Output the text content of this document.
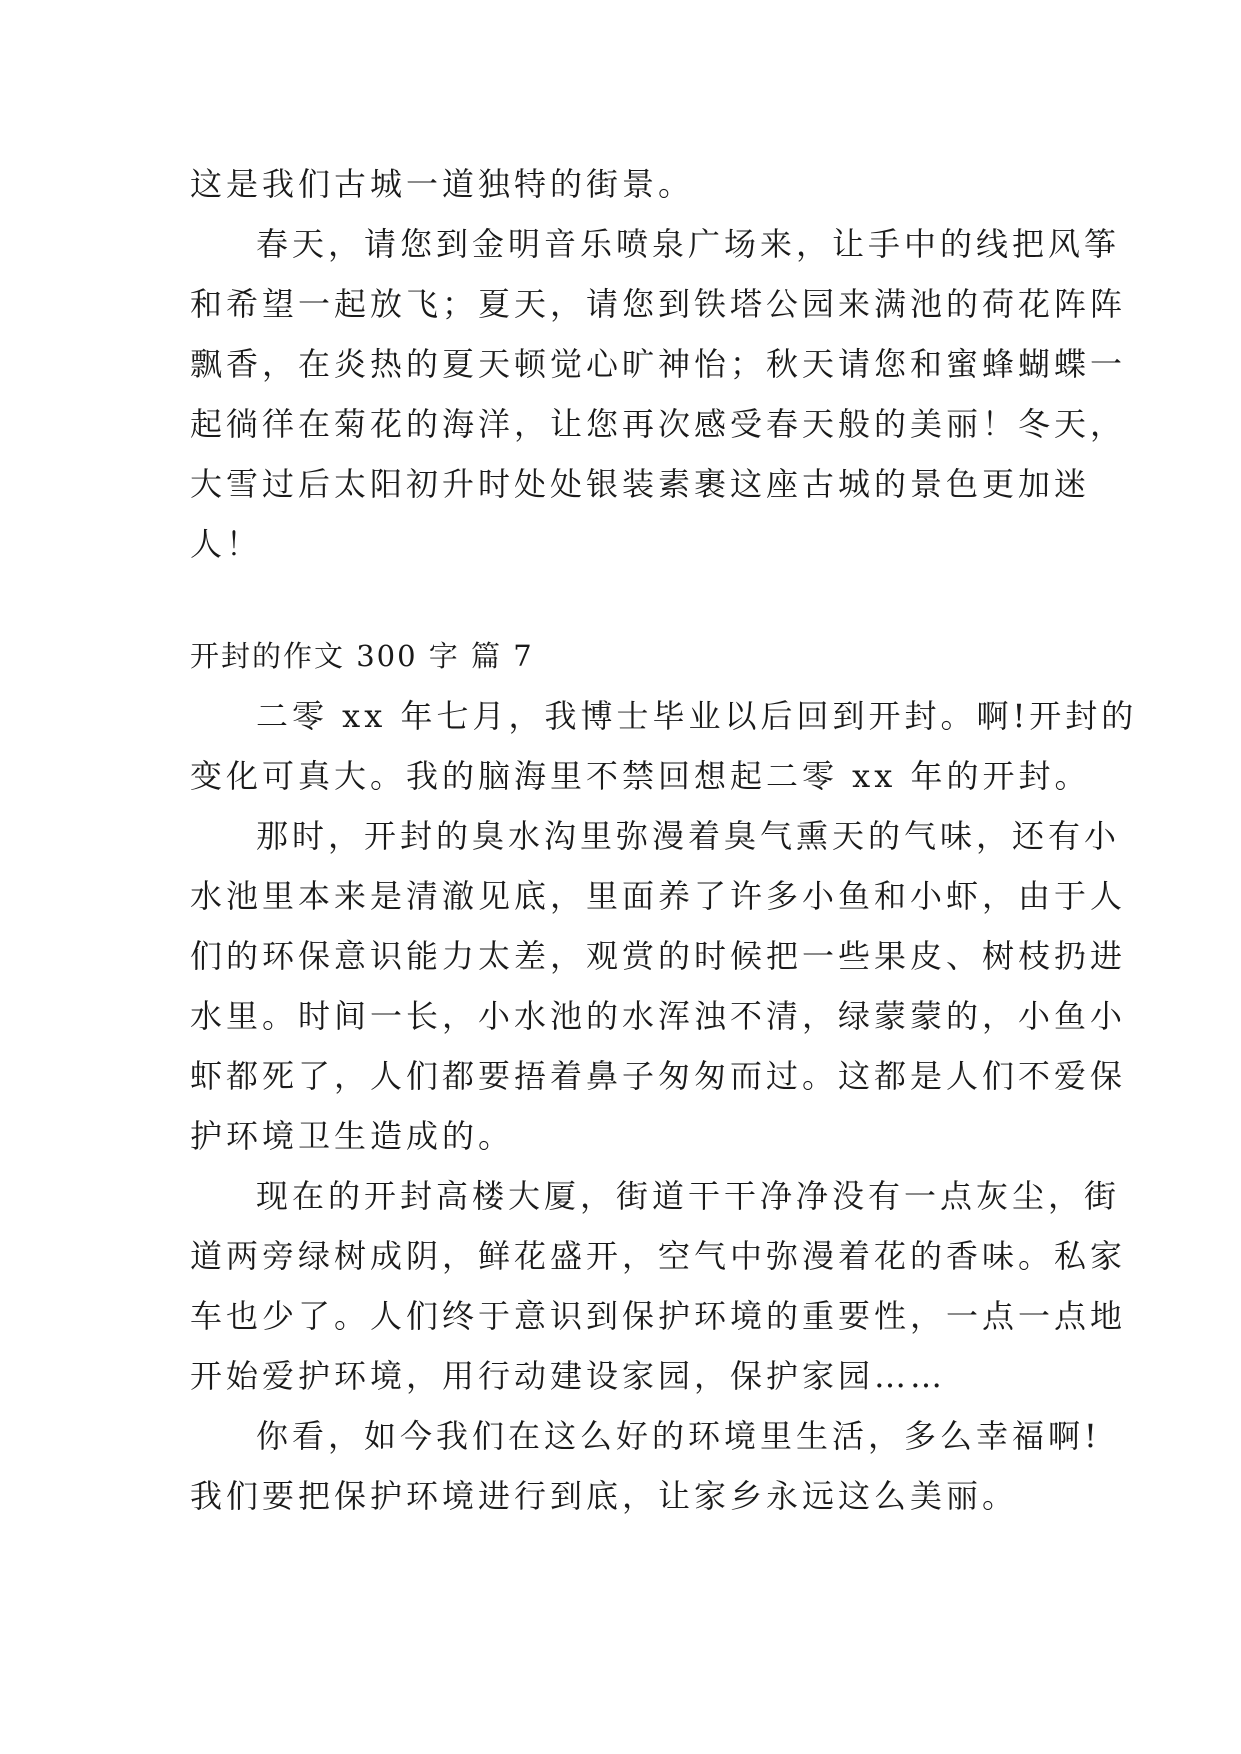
这是我们古城一道独特的街景。
春天，请您到金明音乐喷泉广场来，让手中的线把风筝
和希望一起放飞；夏天，请您到铁塔公园来满池的荷花阵阵
飘香，在炎热的夏天顿觉心旷神怡；秋天请您和蜜蜂蝴蝶一
起徜徉在菊花的海洋，让您再次感受春天般的美丽！冬天，
大雪过后太阳初升时处处银装素裹这座古城的景色更加迷
人！
开封的作文 300 字 篇 7
二零 xx 年七月，我博士毕业以后回到开封。啊!开封的
变化可真大。我的脑海里不禁回想起二零 xx 年的开封。
那时，开封的臭水沟里弥漫着臭气熏天的气味，还有小
水池里本来是清澈见底，里面养了许多小鱼和小虾，由于人
们的环保意识能力太差，观赏的时候把一些果皮、树枝扔进
水里。时间一长，小水池的水浑浊不清，绿蒙蒙的，小鱼小
虾都死了，人们都要捂着鼻子匆匆而过。这都是人们不爱保
护环境卫生造成的。
现在的开封高楼大厦，街道干干净净没有一点灰尘，街
道两旁绿树成阴，鲜花盛开，空气中弥漫着花的香味。私家
车也少了。人们终于意识到保护环境的重要性，一点一点地
开始爱护环境，用行动建设家园，保护家园……
你看，如今我们在这么好的环境里生活，多么幸福啊!
我们要把保护环境进行到底，让家乡永远这么美丽。
